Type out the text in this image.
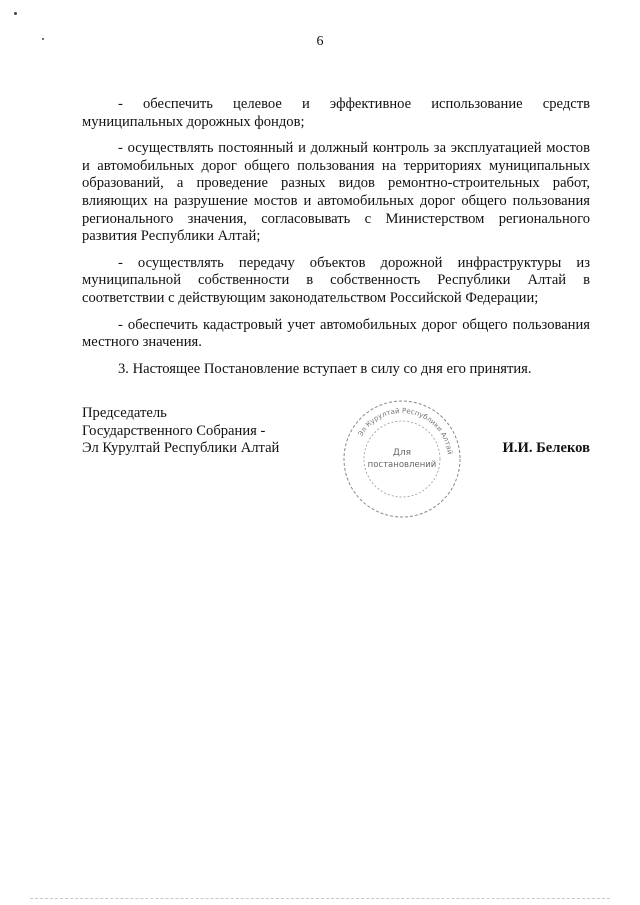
6

- обеспечить целевое и эффективное использование средств муниципальных дорожных фондов;

- осуществлять постоянный и должный контроль за эксплуатацией мостов и автомобильных дорог общего пользования на территориях муниципальных образований, а проведение разных видов ремонтно-строительных работ, влияющих на разрушение мостов и автомобильных дорог общего пользования регионального значения, согласовывать с Министерством регионального развития Республики Алтай;

- осуществлять передачу объектов дорожной инфраструктуры из муниципальной собственности в собственность Республики Алтай в соответствии с действующим законодательством Российской Федерации;

- обеспечить кадастровый учет автомобильных дорог общего пользования местного значения.

3. Настоящее Постановление вступает в силу со дня его принятия.

Председатель
Государственного Собрания -
Эл Курултай Республики Алтай
Эл Курултай Республики Алтай
Для
постановлений
И.И. Белеков
